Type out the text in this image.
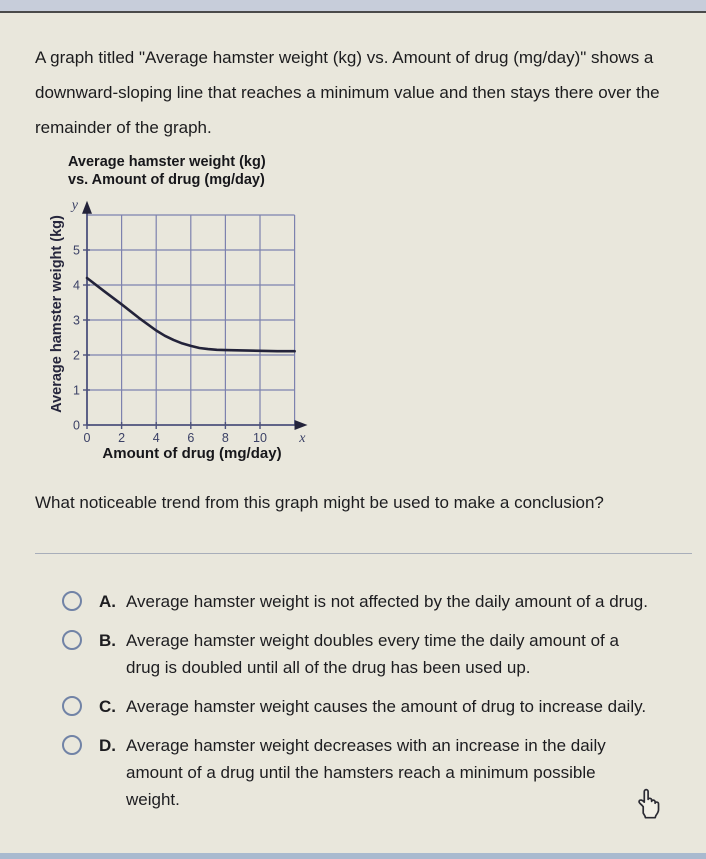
A graph titled "Average hamster weight (kg) vs. Amount of drug (mg/day)" shows a downward-sloping line that reaches a minimum value and then stays there over the remainder of the graph.

Average hamster weight (kg)
vs. Amount of drug (mg/day)
Average hamster weight (kg)
0 2 4 6 8 10
0
1
2
3
4
5
y
x
Amount of drug (mg/day)

What noticeable trend from this graph might be used to make a conclusion?

A. Average hamster weight is not affected by the daily amount of a drug.
B. Average hamster weight doubles every time the daily amount of a drug is doubled until all of the drug has been used up.
C. Average hamster weight causes the amount of drug to increase daily.
D. Average hamster weight decreases with an increase in the daily amount of a drug until the hamsters reach a minimum possible weight.
